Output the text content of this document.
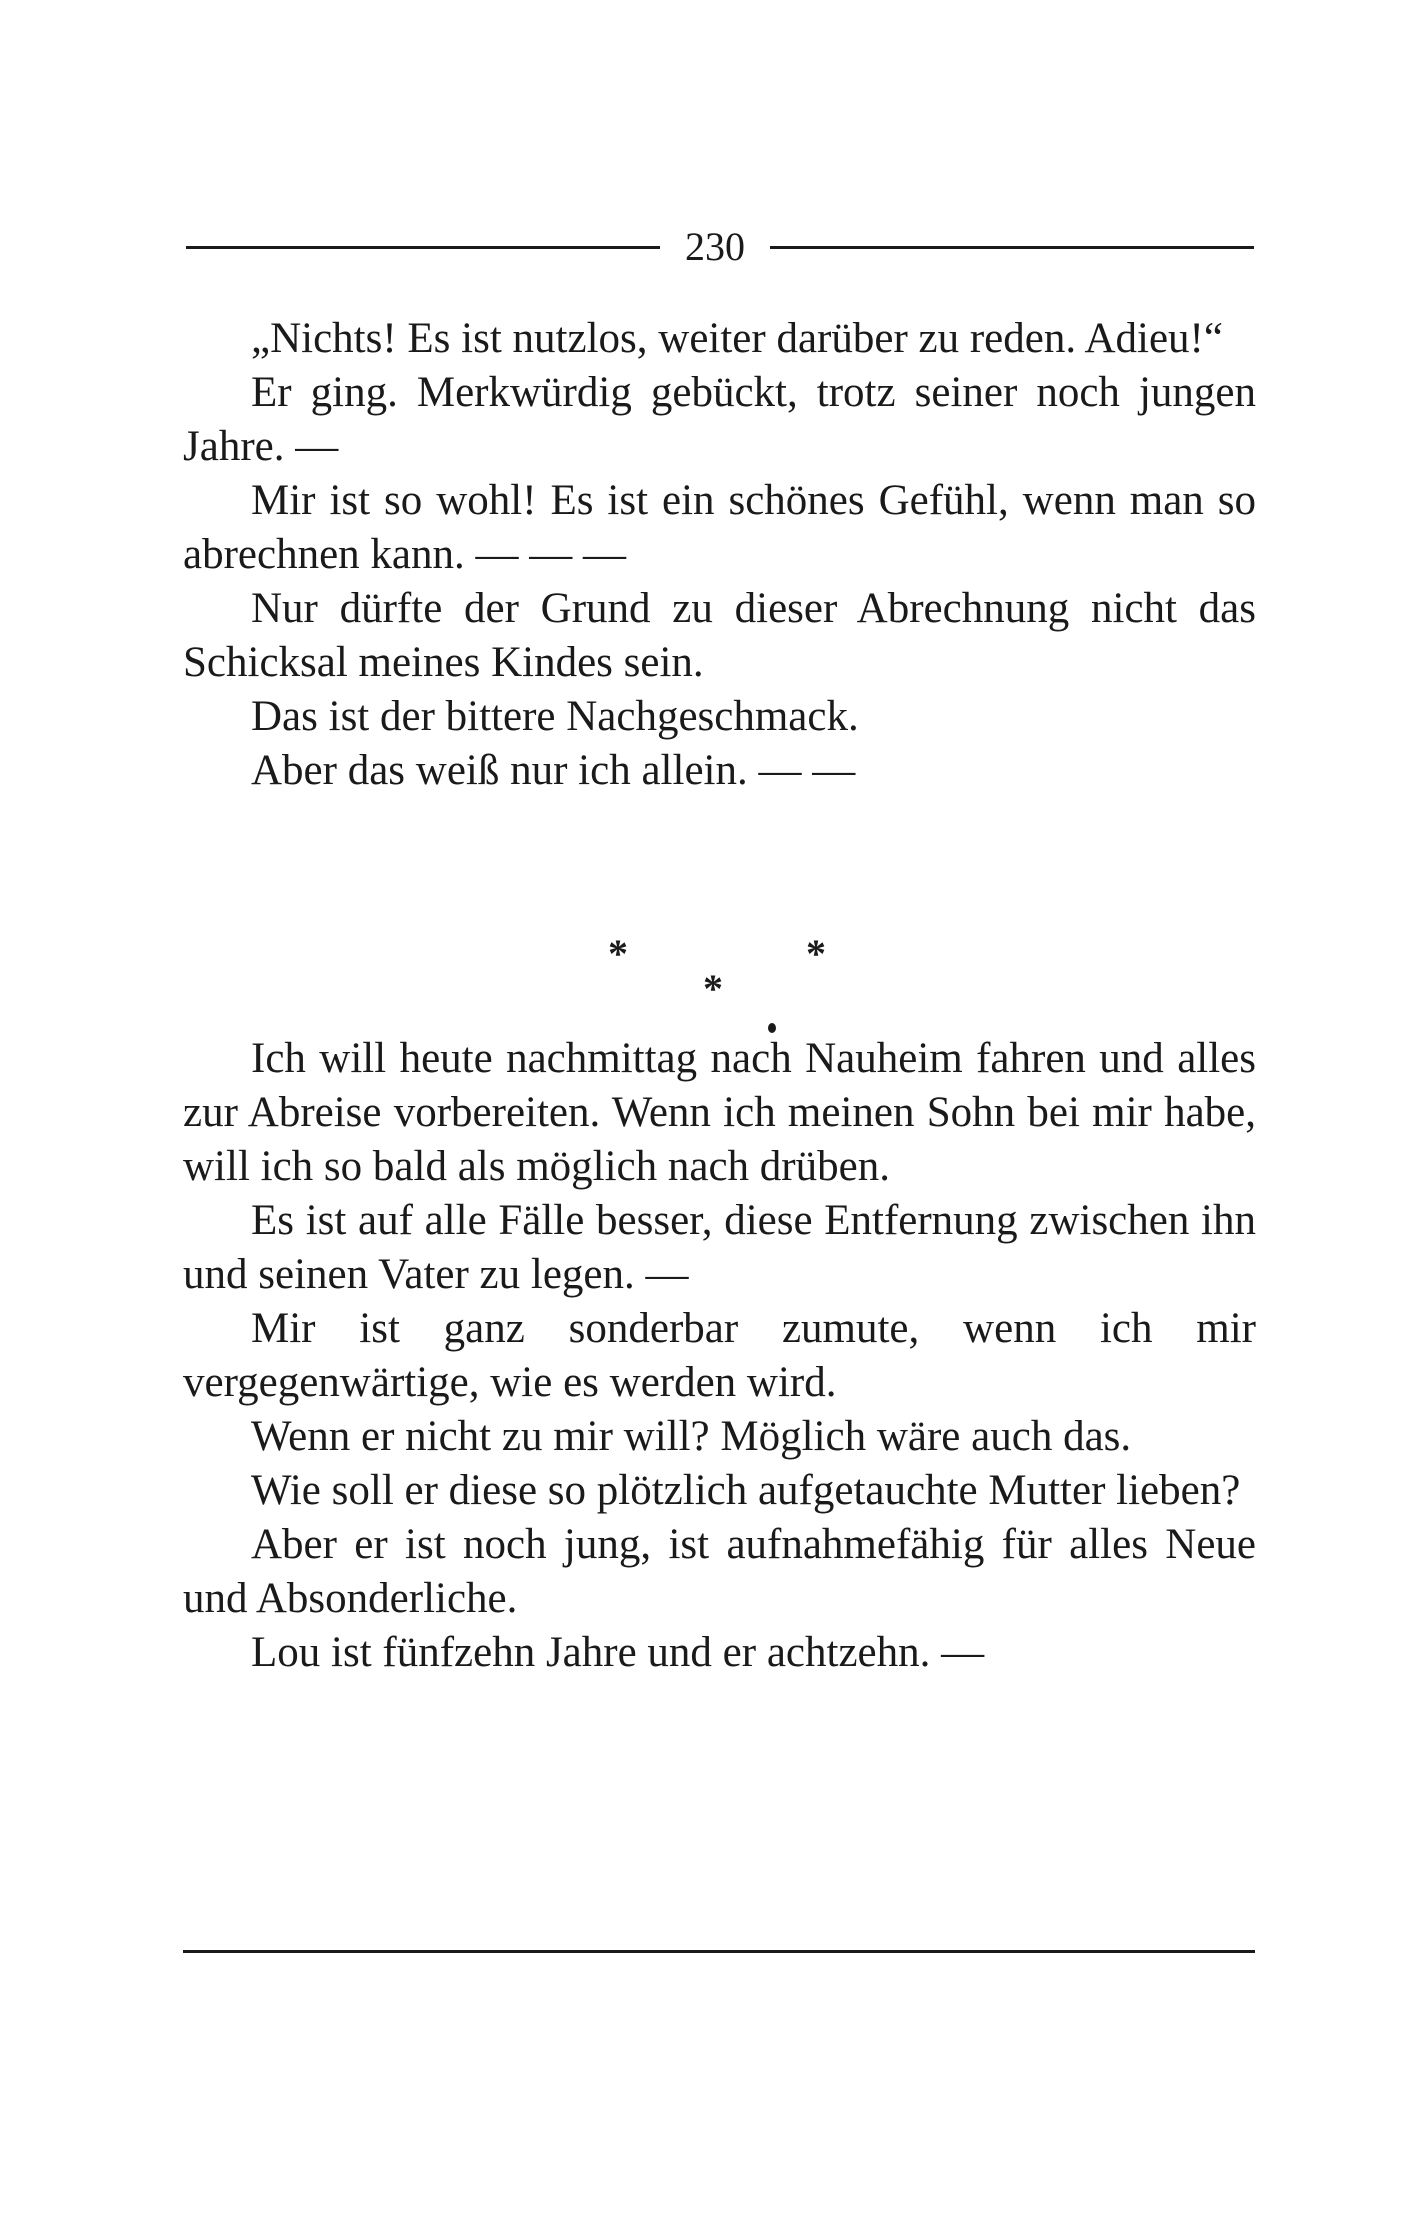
230

„Nichts! Es ist nutzlos, weiter darüber zu reden. Adieu!“

Er ging. Merkwürdig gebückt, trotz seiner noch jungen Jahre. —

Mir ist so wohl! Es ist ein schönes Gefühl, wenn man so abrechnen kann. — — —

Nur dürfte der Grund zu dieser Abrechnung nicht das Schicksal meines Kindes sein.

Das ist der bittere Nachgeschmack.

Aber das weiß nur ich allein. — —

*	*
*

Ich will heute nachmittag nach Nauheim fahren und alles zur Abreise vorbereiten. Wenn ich meinen Sohn bei mir habe, will ich so bald als möglich nach drüben.

Es ist auf alle Fälle besser, diese Entfernung zwischen ihn und seinen Vater zu legen. —

Mir ist ganz sonderbar zumute, wenn ich mir vergegenwärtige, wie es werden wird.

Wenn er nicht zu mir will? Möglich wäre auch das.

Wie soll er diese so plötzlich aufgetauchte Mutter lieben?

Aber er ist noch jung, ist aufnahmefähig für alles Neue und Absonderliche.

Lou ist fünfzehn Jahre und er achtzehn. —
